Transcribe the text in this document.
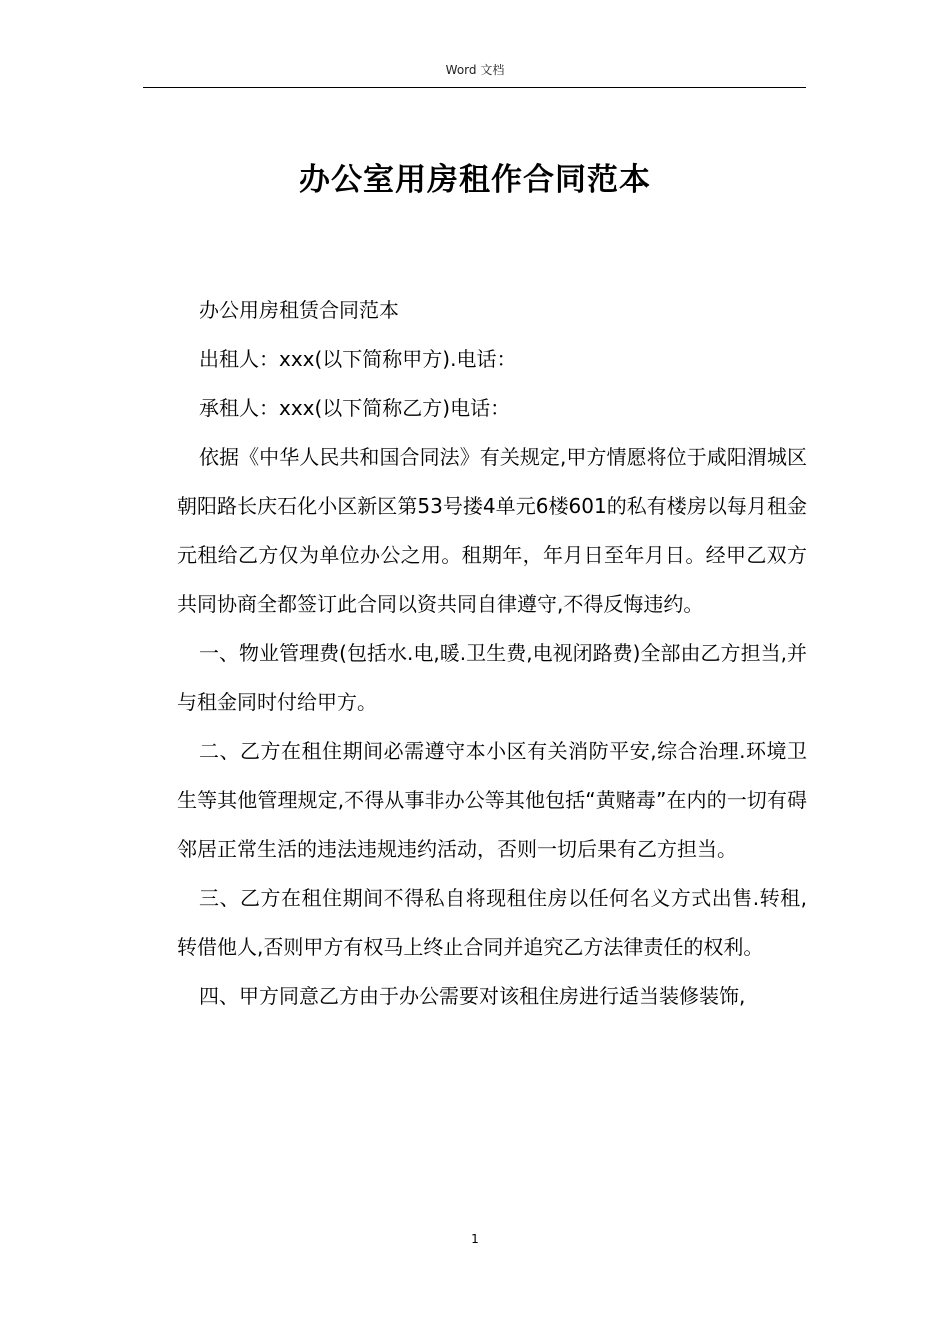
Word 文档
办公室用房租作合同范本

办公用房租赁合同范本

出租人：xxx(以下简称甲方).电话：

承租人：xxx(以下简称乙方)电话：

依据《中华人民共和国合同法》有关规定,甲方情愿将位于咸阳渭城区朝阳路长庆石化小区新区第53号搂4单元6楼601的私有楼房以每月租金元租给乙方仅为单位办公之用。租期年，年月日至年月日。经甲乙双方共同协商全都签订此合同以资共同自律遵守,不得反悔违约。

一、物业管理费(包括水.电,暖.卫生费,电视闭路费)全部由乙方担当,并与租金同时付给甲方。

二、乙方在租住期间必需遵守本小区有关消防平安,综合治理.环境卫生等其他管理规定,不得从事非办公等其他包括“黄赌毒”在内的一切有碍邻居正常生活的违法违规违约活动，否则一切后果有乙方担当。

三、乙方在租住期间不得私自将现租住房以任何名义方式出售.转租,转借他人,否则甲方有权马上终止合同并追究乙方法律责任的权利。

四、甲方同意乙方由于办公需要对该租住房进行适当装修装饰,

1
